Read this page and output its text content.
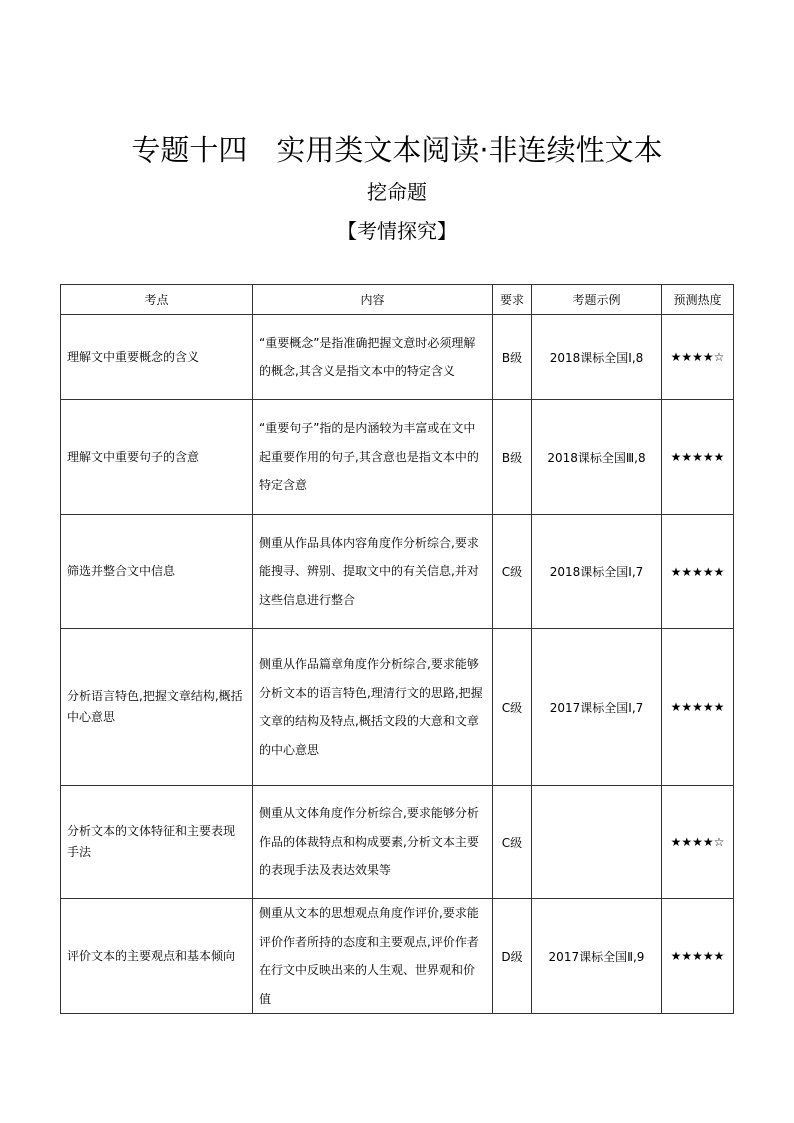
专题十四　实用类文本阅读·非连续性文本
挖命题
【考情探究】
考点	内容	要求	考题示例	预测热度
理解文中重要概念的含义	“重要概念”是指准确把握文意时必须理解的概念,其含义是指文本中的特定含义	B级	2018课标全国Ⅰ,8	★★★★☆
理解文中重要句子的含意	“重要句子”指的是内涵较为丰富或在文中起重要作用的句子,其含意也是指文本中的特定含意	B级	2018课标全国Ⅲ,8	★★★★★
筛选并整合文中信息	侧重从作品具体内容角度作分析综合,要求能搜寻、辨别、提取文中的有关信息,并对这些信息进行整合	C级	2018课标全国Ⅰ,7	★★★★★
分析语言特色,把握文章结构,概括中心意思	侧重从作品篇章角度作分析综合,要求能够分析文本的语言特色,理清行文的思路,把握文章的结构及特点,概括文段的大意和文章的中心意思	C级	2017课标全国Ⅰ,7	★★★★★
分析文本的文体特征和主要表现手法	侧重从文体角度作分析综合,要求能够分析作品的体裁特点和构成要素,分析文本主要的表现手法及表达效果等	C级		★★★★☆
评价文本的主要观点和基本倾向	侧重从文本的思想观点角度作评价,要求能评价作者所持的态度和主要观点,评价作者在行文中反映出来的人生观、世界观和价值	D级	2017课标全国Ⅱ,9	★★★★★
